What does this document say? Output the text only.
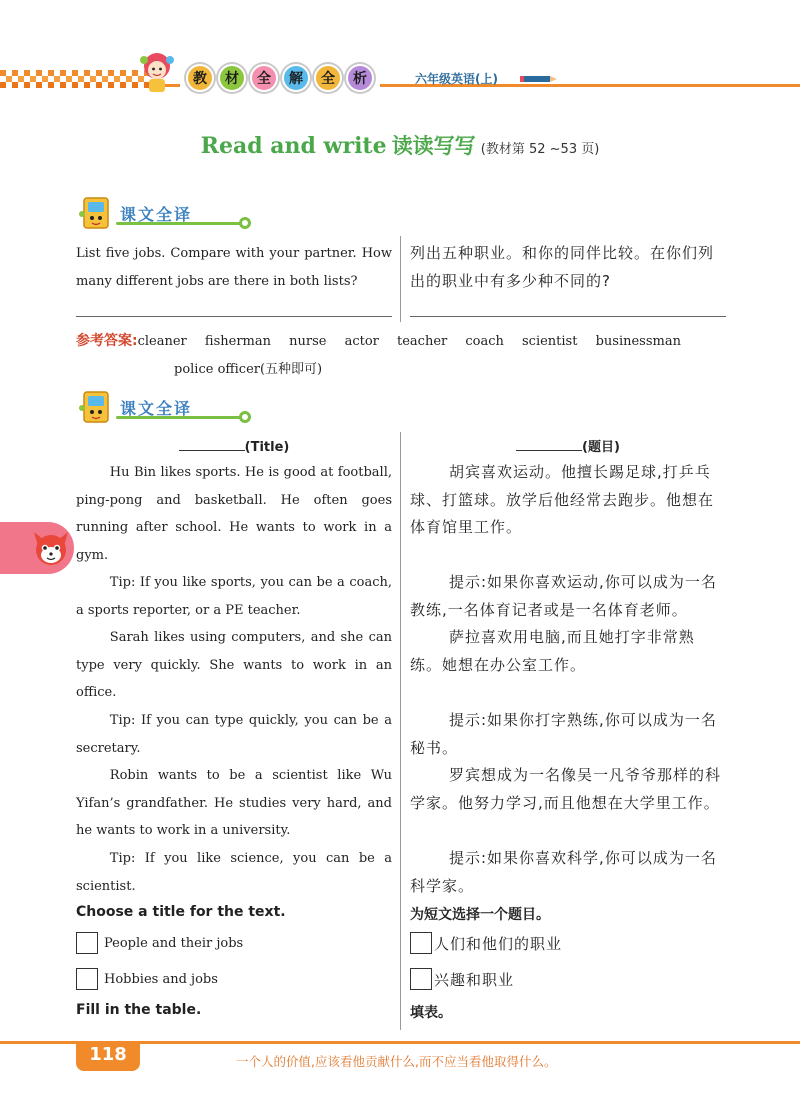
教	材	全	解	全	析	六年级英语(上)
Read and write 读读写写 (教材第 52 ~53 页)
课文全译
List five jobs. Compare with your partner. How many different jobs are there in both lists?
列出五种职业。和你的同伴比较。在你们列出的职业中有多少种不同的?
参考答案:cleaner fisherman nurse actor teacher coach scientist businessman
police officer(五种即可)
课文全译
(Title)	(题目)
Hu Bin likes sports. He is good at football, ping-pong and basketball. He often goes running after school. He wants to work in a gym.
Tip: If you like sports, you can be a coach, a sports reporter, or a PE teacher.
Sarah likes using computers, and she can type very quickly. She wants to work in an office.
Tip: If you can type quickly, you can be a secretary.
Robin wants to be a scientist like Wu Yifan’s grandfather. He studies very hard, and he wants to work in a university.
Tip: If you like science, you can be a scientist.
胡宾喜欢运动。他擅长踢足球,打乒乓球、打篮球。放学后他经常去跑步。他想在体育馆里工作。
提示:如果你喜欢运动,你可以成为一名教练,一名体育记者或是一名体育老师。
萨拉喜欢用电脑,而且她打字非常熟练。她想在办公室工作。
提示:如果你打字熟练,你可以成为一名秘书。
罗宾想成为一名像吴一凡爷爷那样的科学家。他努力学习,而且他想在大学里工作。
提示:如果你喜欢科学,你可以成为一名科学家。
Choose a title for the text.	为短文选择一个题目。
People and their jobs
Hobbies and jobs
人们和他们的职业
兴趣和职业
Fill in the table.	填表。
118	一个人的价值,应该看他贡献什么,而不应当看他取得什么。
